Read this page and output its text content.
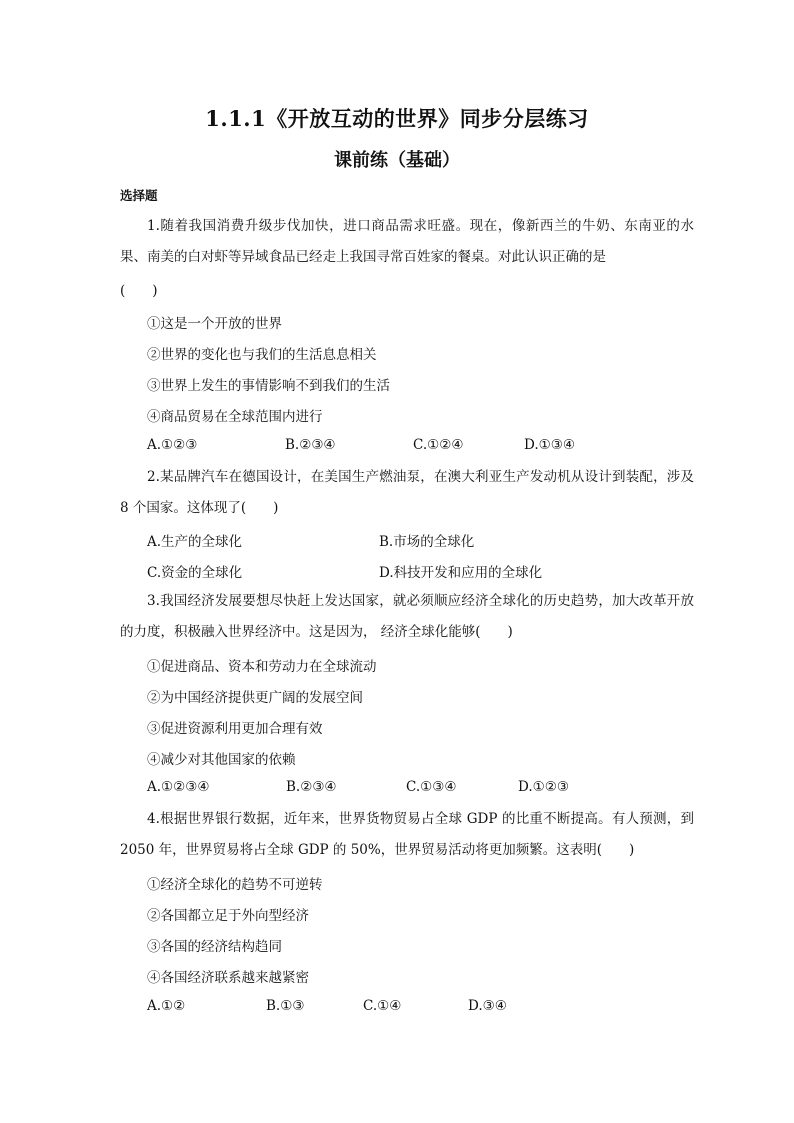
1.1.1《开放互动的世界》同步分层练习
课前练（基础）
选择题

1.随着我国消费升级步伐加快，进口商品需求旺盛。现在，像新西兰的牛奶、东南亚的水果、南美的白对虾等异域食品已经走上我国寻常百姓家的餐桌。对此认识正确的是

(　　)
①这是一个开放的世界
②世界的变化也与我们的生活息息相关
③世界上发生的事情影响不到我们的生活
④商品贸易在全球范围内进行
A.①②③	B.②③④	C.①②④	D.①③④

2.某品牌汽车在德国设计，在美国生产燃油泵，在澳大利亚生产发动机从设计到装配，涉及 8 个国家。这体现了(　　)

A.生产的全球化	B.市场的全球化
C.资金的全球化	D.科技开发和应用的全球化

3.我国经济发展要想尽快赶上发达国家，就必须顺应经济全球化的历史趋势，加大改革开放的力度，积极融入世界经济中。这是因为， 经济全球化能够(　　)

①促进商品、资本和劳动力在全球流动
②为中国经济提供更广阔的发展空间
③促进资源利用更加合理有效
④减少对其他国家的依赖
A.①②③④	B.②③④	C.①③④	D.①②③

4.根据世界银行数据，近年来，世界货物贸易占全球 GDP 的比重不断提高。有人预测，到 2050 年，世界贸易将占全球 GDP 的 50%，世界贸易活动将更加频繁。这表明(　　)

①经济全球化的趋势不可逆转
②各国都立足于外向型经济
③各国的经济结构趋同
④各国经济联系越来越紧密
A.①②	B.①③	C.①④	D.③④
